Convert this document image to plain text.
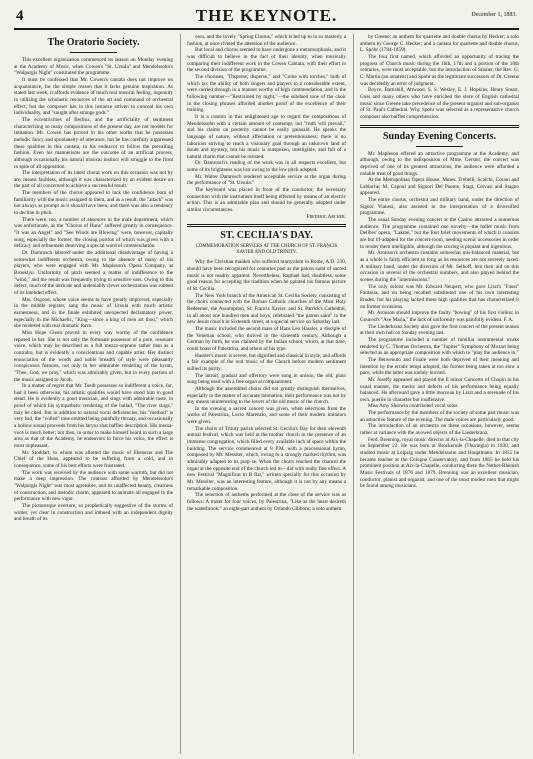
4	THE KEYNOTE.	December 1, 1883.
The Oratorio Society.

This excellent organization commenced its season on Monday evening at the Academy of Music, when Cowen's "St. Ursula" and Mendelssohn's "Walpurgis Night" constituted the programme.

It must be confessed that Mr. Cowen's cantata does not improve on acquaintance, for the simple reason that it lacks genuine inspiration. As stated last week, it affords evidence of much real musical feeling, ingenuity in utilizing the scholastic resources of the art and command of orchestral effect, but the composer has in this instance striven to conceal his own individuality, and "sought after strange gods."

The eccentricities of Berlioz, and the artificiality of sentiment characterizing so many compositions of the present day, are not models for imitation. Mr. Cowen has proved in his other works that he possesses melodic fancy and spontaneity of utterance, but he has carefully suppressed these qualities in this cantata, in his endeavor to follow the prevailing fashion. Even his mannerisms are the outcome of an artificial process, although occasionally his natural musical instinct will struggle to the front in spite of all opposition.

The interpretation of its latest choral work on this occasion was not by any means faultless, although it was characterized by an evident desire on the part of all concerned to achieve a successful result.

The members of the chorus appeared to lack the confidence born of familiarity with the music assigned to them, and as a result, the "attack" was not always as prompt as it should have been, and there was also a tendency to decline in pitch.

There were, too, a number of absences in the male department, which was unfortunate, as the "Chorus of Huns" suffered greatly in consequence. "It was an Angel" and "See Winds are Blowing" were, however, capitally sung, especially the former, the closing portion of which was given with a delicacy and refinement deserving a special word of commendation.

Dr. Damrosch labored under the additional disadvantage of having a somewhat indifferent orchestra, owing to the absence of many of his players, who were engaged with Mr. Mapleson's Opera Company, at Brooklyn. Uniformity of pitch seemed a matter of indifference to the "wind," and the result was frequently trying to sensitive ears. Owing to this defect, much of the intricate and undeniably clever orchestration was robbed of its intended effect.

Mrs. Osgood, whose voice seems to have greatly improved, especially in the middle register, sang the music of Ursula with much artistic earnestness, and in the finale exhibited unexpected declamatory power, especially in the Michaelic, "King—since a king of men art thou," which she rendered with real dramatic force.

Miss Hope Glenn proved in every way worthy of the confidence reposed in her. She is not only the fortunate possessor of a pure, resonant voice, which may be described as a full mezzo-soprano rather than as a contralto, but is evidently a conscientious and capable artist. Her distinct enunciation of the words and noble breadth of style were pleasantly conspicuous features, not only in her admirable rendering of the hymn, "Thee, God, we pray," which was admirably given, but in every portion of the music assigned to Jacob.

In a matter of regret that Mr. Toedt possesses so indifferent a voice, for, had it been otherwise, his artistic qualities would have stood him in good stead. He is evidently a good musician, and sings with admirable taste, in proof of which his sympathetic rendering of the ballad, "The river sings," may be cited. But in addition to natural vocal deficiencies, his "method" is very bad, the "voiled" tone emitted being painfully throaty, and occasionally a hollow sound proceeds from his larynx that baffles description. His messa-voce is much better; but then, in order to make himself heard in such a large area as that of the Academy, he endeavors to force his voice, the effect is most unpleasant.

Mr. Stoddart, to whom was allotted the music of Ebenezer and The Chief of the Huns, appeared to be suffering from a cold, and in consequence, some of his best efforts were frustrated.

The work was received by the audience with some warmth, but did not make a deep impression. The contrast afforded by Mendelssohn's "Walpurgis Night" was most agreeable, and its unaffected beauty, clearness of construction, and melodic charm, appeared to animate all engaged in the performance with new vigor.

The picturesque overture, so prophetically suggestive of the storms of winter, yet clear in construction and imbued with an independent dignity and breath of its

own, and the lovely "Spring Chorus," which is led up to in so masterly a fashion, at once riveted the attention of the audience.

But local and chorus seemed to have undergone a metamorphosis, and it was difficult to believe in the fact of their identity, when musically comparing their indifferent work in the Cowen Cantata, with their effort in the second division of the programme.

The choruses, "Disperse, disperse," and "Come with torches," both of which tax the ability of both singers and players to a considerable extent, were carried through in a manner worthy of high commendation, and in the following number—"Restrained by night,"—the subdued tone of the choir in the closing phrases afforded another proof of the excellence of their training.

It is a custom in this enlightened age to regard the compositions of Mendelssohn with a certain amount of contempt, but "truth will prevail," and his claims on posterity cannot be easily gainsaid. He speaks the language of nature, without affectation or pretentiousness; there is no laborious striving to reach a visionary goal through an unknown land of doubt and mystery, but his music is outspoken, intelligible, and full of a natural charm that cannot be resisted.

Dr. Damrosch's reading of the work was in all respects excellent, but some of its brightness was lost owing to the low pitch adopted.

Mr. Walter Damrosch rendered acceptable service at the organ during the performance of "St. Ursula."

The keyboard was placed in front of the conductor, the necessary connection with the instrument itself being effected by means of an electric action. This is an admirable plan and should be generally adopted under similar circumstances.

Frederic Archer.

ST. CECILIA'S DAY.
COMMEMORATION SERVICES AT THE CHURCH OF ST. FRANCIS XAVIER AND OLD TRINITY.

Why the Christian maiden who suffered martyrdom in Rome, A.D. 230, should have been recognized for centuries past as the patron saint of sacred music is not readily apparent. Nevertheless, Raphael had, doubtless, some good reason for accepting the tradition when he painted his famous picture of St. Cecilia.

The New York branch of the American St. Cecilia Society, consisting of the choirs connected with the Roman Catholic churches of the Most Holy Redeemer, the Assumption, St. Francis Xavier, and St. Patrick's Cathedral, in all about one hundred men and boys, celebrated "the patron saint" in the new Jesuit church in Sixteenth street, at a special service on Saturday last.

The music included the second mass of Hans Leo Hassler, a disciple of the Venetian school, who thrived in the sixteenth century. Although a German by birth, he was claimed by the Italian school, which, at that time, could boast of Palestrina, and others of his type.

Hassler's music is severe, but dignified and classical in style, and affords a fair example of the real music of the Church before modern sentiment sullied its purity.

The introit, gradual and offertory were sung in unison, the old, plain song being used with a free organ accompaniment.

Although the assembled choirs did not greatly distinguish themselves, especially in the matter of accurate intonation, their performance was not by any means uninteresting to the lovers of the old music of the church.

In the evening a sacred concert was given, when selections from the works of Palestrina, Lucio Marenzio, and some of their modern imitators were given.

The choirs of Trinity parish selected St. Cecilia's Day for their eleventh annual festival, which was held at the mother church in the presence of an immense congregation, which filled every available inch of space within the building. The service commenced at 8 P.M. with a processional hymn, composed by Mr. Messiter, which, owing to a strongly marked rhythm, was admirably adapted to its purp se. When the choirs reached the chancel the organ at the opposite end of the church led in—did with really fine effect. A new Festival "Magnificat in B flat," written specially for this occasion by Mr. Messiter, was an interesting feature, although it is not by any means a remarkable composition.

The selection of anthems performed at the close of the service was as follows: A motet for four voices, by Palestrina, "Like as the heart desireth the waterbrook;" an eight-part anthem by Orlando Gibbons; a solo anthem

by Greene; an anthem for quartette and double chorus by Hecker; a solo anthem by George C. Hecker; and a cantata for quartette and double chorus, L. Spohr (1784-1859).

The four first named, which afforded an opportunity of tracing the progress of Church music during the 16th, 17th and a portion of the 18th centuries, were most acceptable, but the introduction of Stainer, the Rev. G. C. Martin (an amateur) and Spohr as the legitimate successors of Dr. Greene was decidedly an error of judgment.

Boyce, Battishill, Attwood, S. S. Wesley, E. J. Hopkins, Henry Smart, Goss and many others who have enriched the store of English cathedral music since Greene take precedence of the present organist and sub-organist of St. Paul's Cathedral. Why Spohr was selected as a representative church composer also baffles comprehension.

Sunday Evening Concerts.

Mr. Mapleson offered an attractive programme at the Academy, and although, owing to the indisposition of Mme. Gerster, the concert was deprived of one of its greatest attractions, the audience were afforded a notable treat of good things.

At the Metropolitan Opera House, Mmes. Trebelli, Scalchi, Corani and Lablache; M. Capoul and Signori Del Puente, Stagi, Cervasi and Stagno appeared.

The entire chorus, orchestra and military band, under the direction of Signor Vianesi, also assisted in the interpretation of a diversified programme.

The usual Sunday evening concert at the Casino attracted a numerous audience. The programme contained one novelty—the ballet music from Delibes' opera, "Lakmé," but the four brief movements of which it consists are but ill-adapted for the concert-room, needing scenic accessories in order to render them intelligible, although the scoring is piquant and ingenious.

Mr. Aronson's orchestra contains somewhat mis-balanced material, but as a whole is fairly efficient so long as its resources are not severely taxed. A military band, under the direction of Mr. Selhoff, lent their aid on this occasion in several of the orchestral numbers, and also played behind the scenes during the "intermissions."

The only soloist was Mr. Edward Neupert, who gave Liszt's "Faust" Fantasia, and on being recalled substituted one of his own interesting Etudes, but his playing lacked those high qualities that has characterized it on former occasions.

Mr. Aronson should improve the faulty "bowing" of his first violins; in Gounod's "Ave Maria," the lack of uniformity was painfully evident. F. A.

The Liederkranz Society also gave the first concert of the present season at their own hall on Sunday evening last.

The programme included a number of familiar instrumental works rendered by C. Thomas Orchestra, the "Jupiter" Symphony of Mozart being selected as an appropriate composition with which to "play the audience in."

The Benvenuto and Finale were both deprived of their meaning and intention by the erratic tempi adopted, the former being taken at too slow a pace, while the latter was unduly hurried.

Mr. Joseffy appeared and played the E minor Concerto of Chopin in his usual manner, the merits and defects of his performance being equally balanced. He afterward gave a little morceau by Liszt and a serenade of his own, puerile in character but inoffensive.

Miss Amy Sherwin contributed vocal solos

The performance by the members of the society of some part music was an attractive feature of the evening. The male voices are particularly good.

The introduction of an orchestra on these occasions, however, seems rather at variance with the avowed objects of the Liederkranz.

Ferd. Brenning, royal music director at Aix-la-Chapelle, died in that city on September 22. He was born at Brockerode (Thuringia) in 1830, and studied music at Leipzig under Mendelssohn and Hauptmann. In 1855 he became teacher at the Cologne Conservatory, and from 1865 he held his prominent position at Aix-la-Chapelle, conducting there the Nether-Rhenish Music Festivals of 1876 and 1879. Brenning was an excellent musician, conductor, pianist and organist, and one of the most modest men that might be found among musicians.
